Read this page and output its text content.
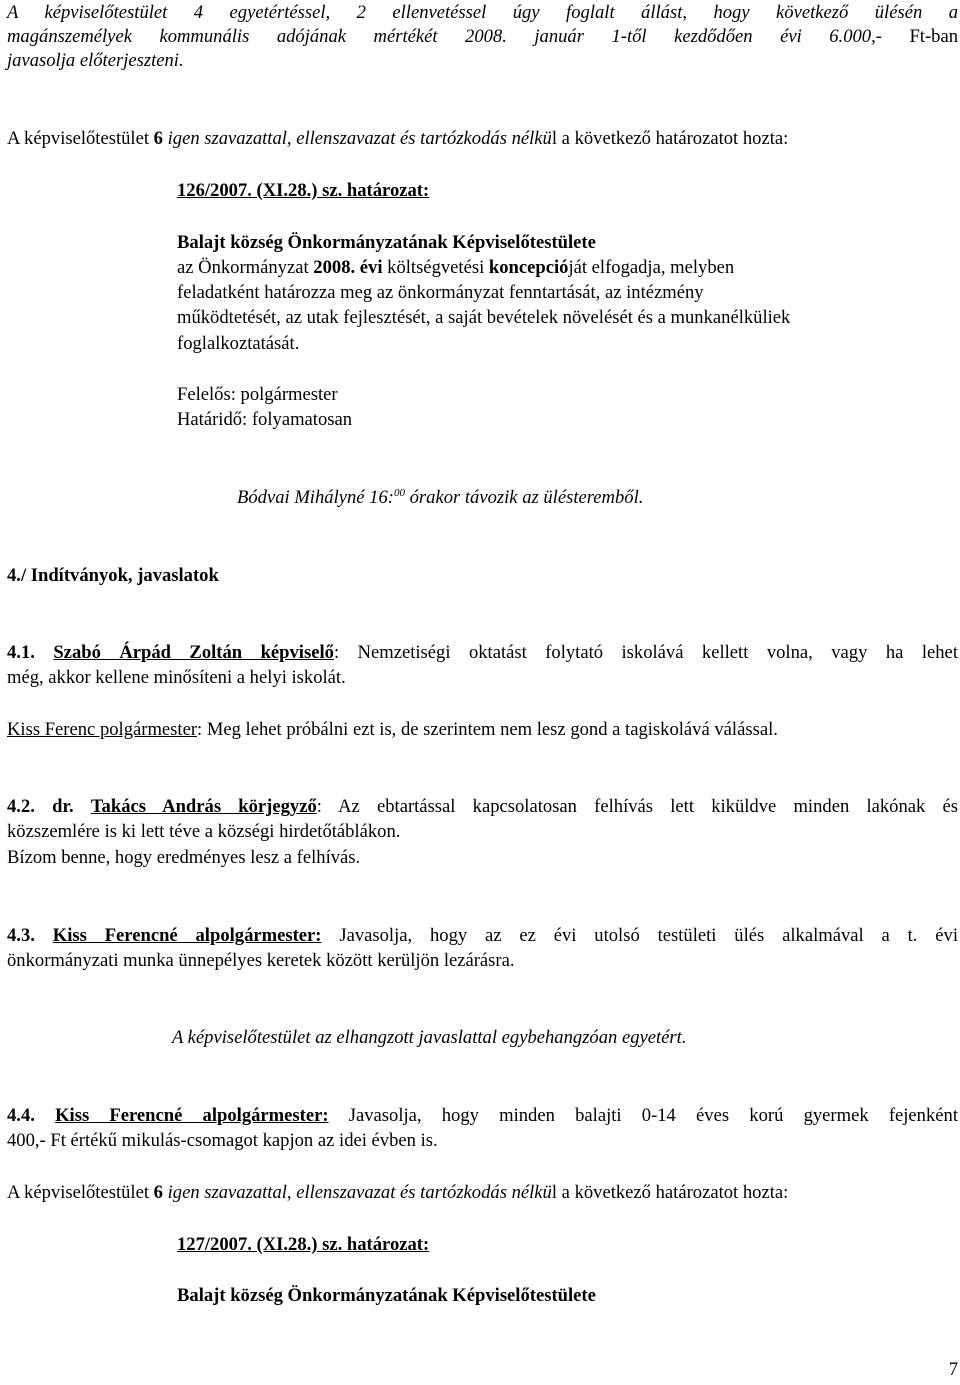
A képviselőtestület 4 egyetértéssel, 2 ellenvetéssel úgy foglalt állást, hogy következő ülésén a
magánszemélyek kommunális adójának mértékét 2008. január 1-től kezdődően évi 6.000,- Ft-ban
javasolja előterjeszteni.
A képviselőtestület 6 igen szavazattal, ellenszavazat és tartózkodás nélkül a következő határozatot hozta:
126/2007. (XI.28.) sz. határozat:
Balajt község Önkormányzatának Képviselőtestülete
az Önkormányzat 2008. évi költségvetési koncepcióját elfogadja, melyben
feladatként határozza meg az önkormányzat fenntartását, az intézmény
működtetését, az utak fejlesztését, a saját bevételek növelését és a munkanélküliek
foglalkoztatását.
Felelős: polgármester
Határidő: folyamatosan
Bódvai Mihályné 16:$^{00}$ órakor távozik az ülésteremből.
4./ Indítványok, javaslatok
4.1. Szabó Árpád Zoltán képviselő: Nemzetiségi oktatást folytató iskolává kellett volna, vagy ha lehet
még, akkor kellene minősíteni a helyi iskolát.
Kiss Ferenc polgármester: Meg lehet próbálni ezt is, de szerintem nem lesz gond a tagiskolává válással.
4.2. dr. Takács András körjegyző: Az ebtartással kapcsolatosan felhívás lett kiküldve minden lakónak és
közszemlére is ki lett téve a községi hirdetőtáblákon.
Bízom benne, hogy eredményes lesz a felhívás.
4.3. Kiss Ferencné alpolgármester: Javasolja, hogy az ez évi utolsó testületi ülés alkalmával a t. évi
önkormányzati munka ünnepélyes keretek között kerüljön lezárásra.
A képviselőtestület az elhangzott javaslattal egybehangzóan egyetért.
4.4. Kiss Ferencné alpolgármester: Javasolja, hogy minden balajti 0-14 éves korú gyermek fejenként
400,- Ft értékű mikulás-csomagot kapjon az idei évben is.
A képviselőtestület 6 igen szavazattal, ellenszavazat és tartózkodás nélkül a következő határozatot hozta:
127/2007. (XI.28.) sz. határozat:
Balajt község Önkormányzatának Képviselőtestülete
7
